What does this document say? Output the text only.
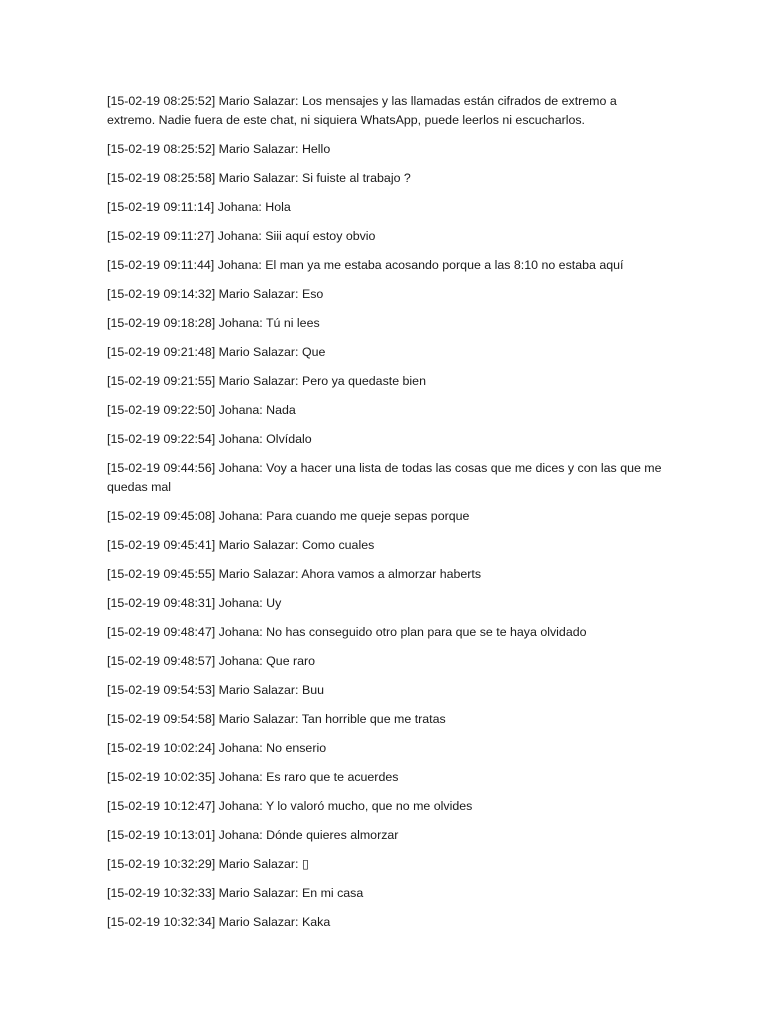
[15-02-19 08:25:52] Mario Salazar: Los mensajes y las llamadas están cifrados de extremo a extremo. Nadie fuera de este chat, ni siquiera WhatsApp, puede leerlos ni escucharlos.

[15-02-19 08:25:52] Mario Salazar: Hello

[15-02-19 08:25:58] Mario Salazar: Si fuiste al trabajo ?

[15-02-19 09:11:14] Johana: Hola

[15-02-19 09:11:27] Johana: Siii aquí estoy obvio

[15-02-19 09:11:44] Johana: El man ya me estaba acosando porque a las 8:10 no estaba aquí

[15-02-19 09:14:32] Mario Salazar: Eso

[15-02-19 09:18:28] Johana: Tú ni lees

[15-02-19 09:21:48] Mario Salazar: Que

[15-02-19 09:21:55] Mario Salazar: Pero ya quedaste bien

[15-02-19 09:22:50] Johana: Nada

[15-02-19 09:22:54] Johana: Olvídalo

[15-02-19 09:44:56] Johana: Voy a hacer una lista de todas las cosas que me dices y con las que me quedas mal

[15-02-19 09:45:08] Johana: Para cuando me queje sepas porque

[15-02-19 09:45:41] Mario Salazar: Como cuales

[15-02-19 09:45:55] Mario Salazar: Ahora vamos a almorzar haberts

[15-02-19 09:48:31] Johana: Uy

[15-02-19 09:48:47] Johana: No has conseguido otro plan para que se te haya olvidado

[15-02-19 09:48:57] Johana: Que raro

[15-02-19 09:54:53] Mario Salazar: Buu

[15-02-19 09:54:58] Mario Salazar: Tan horrible que me tratas

[15-02-19 10:02:24] Johana: No enserio

[15-02-19 10:02:35] Johana: Es raro que te acuerdes

[15-02-19 10:12:47] Johana: Y lo valoró mucho, que no me olvides

[15-02-19 10:13:01] Johana: Dónde quieres almorzar

[15-02-19 10:32:29] Mario Salazar: ▯

[15-02-19 10:32:33] Mario Salazar: En mi casa

[15-02-19 10:32:34] Mario Salazar: Kaka
